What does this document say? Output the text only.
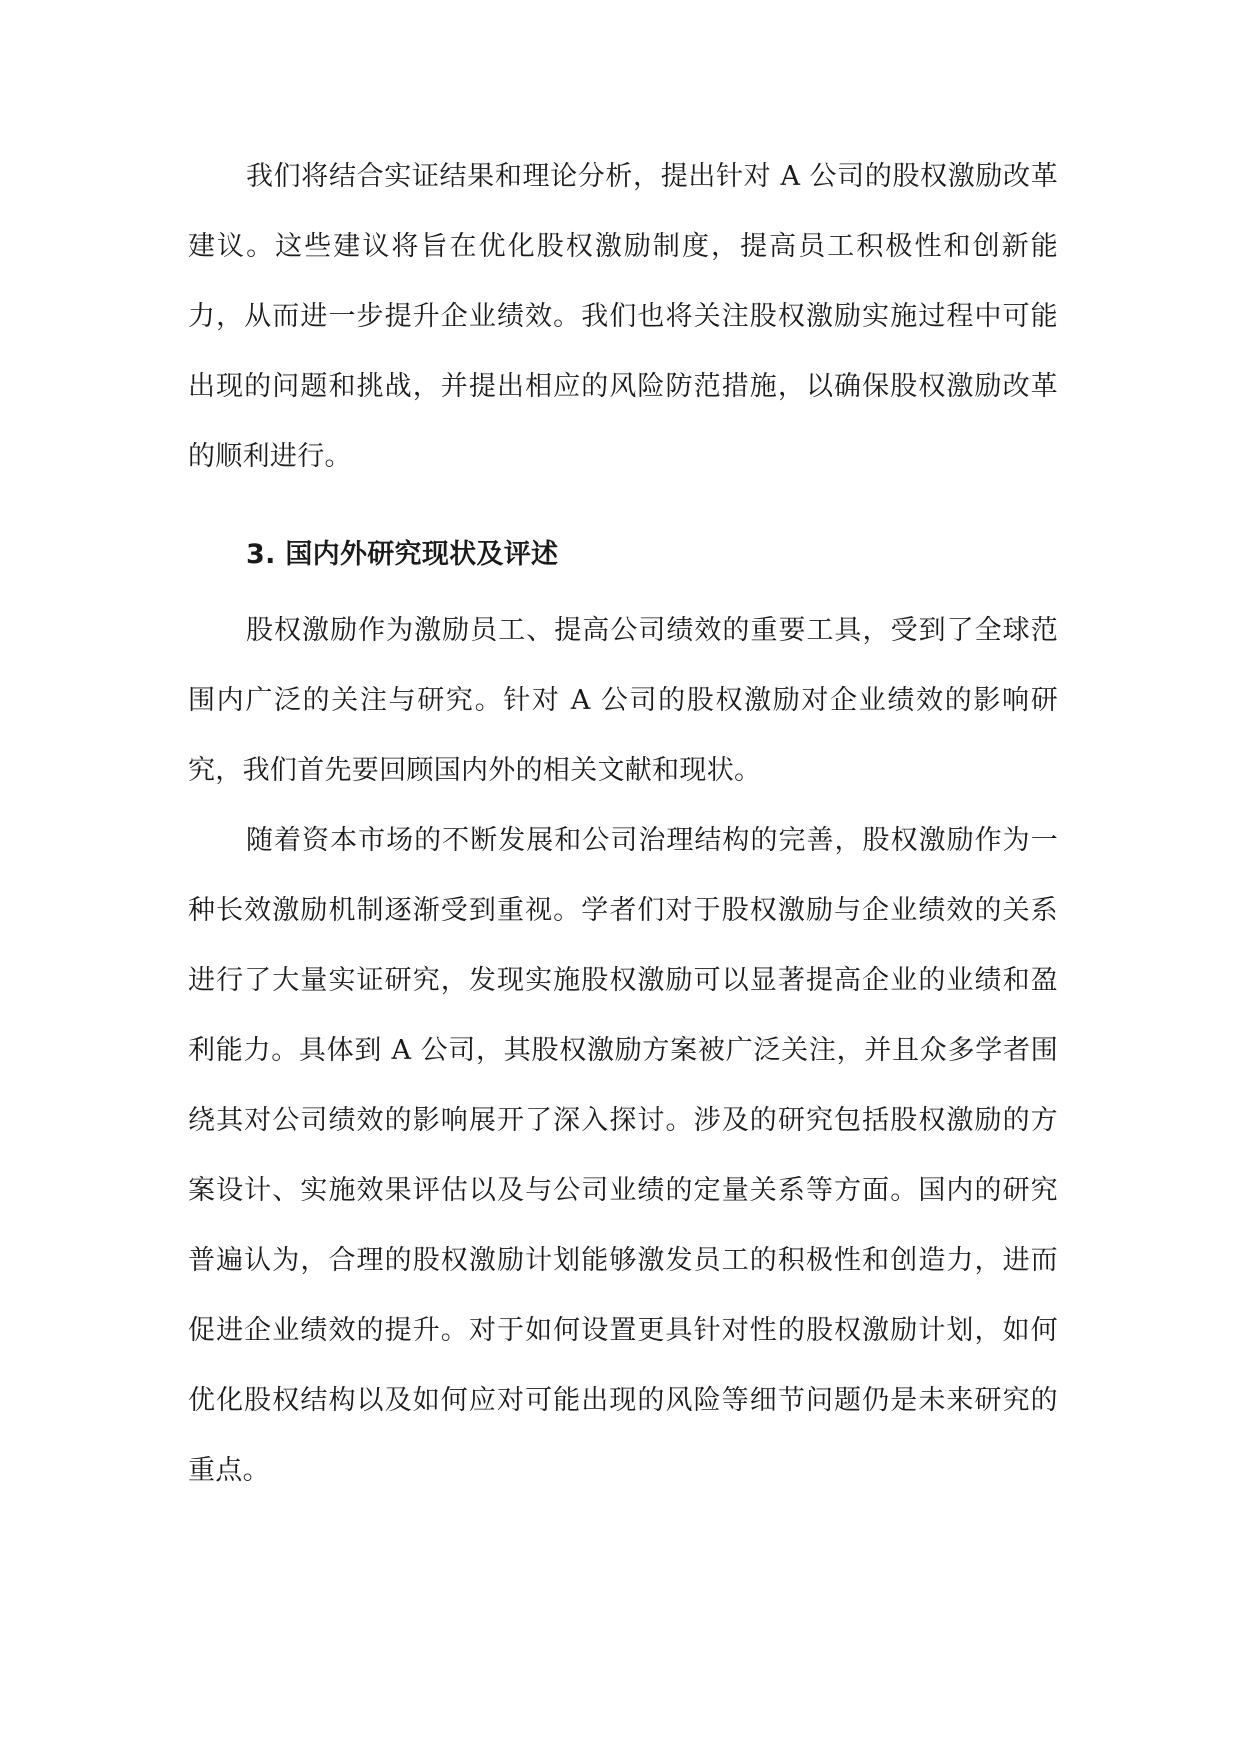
我们将结合实证结果和理论分析，提出针对 A 公司的股权激励改革建议。这些建议将旨在优化股权激励制度，提高员工积极性和创新能力，从而进一步提升企业绩效。我们也将关注股权激励实施过程中可能出现的问题和挑战，并提出相应的风险防范措施，以确保股权激励改革的顺利进行。

3. 国内外研究现状及评述

股权激励作为激励员工、提高公司绩效的重要工具，受到了全球范围内广泛的关注与研究。针对 A 公司的股权激励对企业绩效的影响研究，我们首先要回顾国内外的相关文献和现状。

随着资本市场的不断发展和公司治理结构的完善，股权激励作为一种长效激励机制逐渐受到重视。学者们对于股权激励与企业绩效的关系进行了大量实证研究，发现实施股权激励可以显著提高企业的业绩和盈利能力。具体到 A 公司，其股权激励方案被广泛关注，并且众多学者围绕其对公司绩效的影响展开了深入探讨。涉及的研究包括股权激励的方案设计、实施效果评估以及与公司业绩的定量关系等方面。国内的研究普遍认为，合理的股权激励计划能够激发员工的积极性和创造力，进而促进企业绩效的提升。对于如何设置更具针对性的股权激励计划，如何优化股权结构以及如何应对可能出现的风险等细节问题仍是未来研究的重点。
